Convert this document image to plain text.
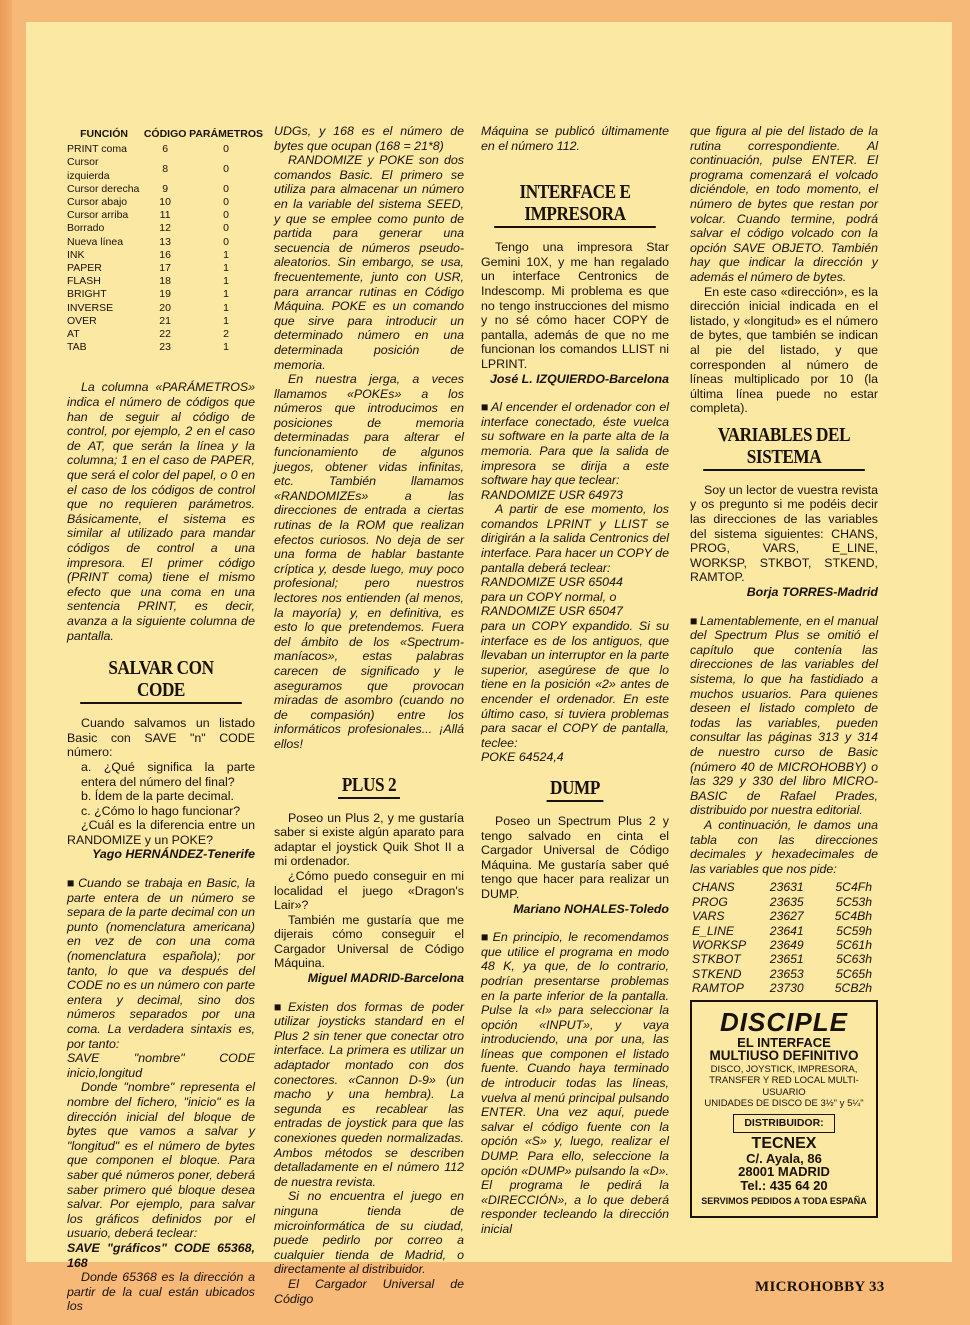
FUNCIÓN	CÓDIGO	PARÁMETROS
PRINT coma	6	0
Cursor izquierda	8	0
Cursor derecha	9	0
Cursor abajo	10	0
Cursor arriba	11	0
Borrado	12	0
Nueva línea	13	0
INK	16	1
PAPER	17	1
FLASH	18	1
BRIGHT	19	1
INVERSE	20	1
OVER	21	1
AT	22	2
TAB	23	1

La columna «PARÁMETROS» indica el número de códigos que han de seguir al código de control, por ejemplo, 2 en el caso de AT, que serán la línea y la columna; 1 en el caso de PAPER, que será el color del papel, o 0 en el caso de los códigos de control que no requieren parámetros. Básicamente, el sistema es similar al utilizado para mandar códigos de control a una impresora. El primer código (PRINT coma) tiene el mismo efecto que una coma en una sentencia PRINT, es decir, avanza a la siguiente columna de pantalla.

SALVAR CON CODE

Cuando salvamos un listado Basic con SAVE "n" CODE número:

a. ¿Qué significa la parte entera del número del final?

b. Ídem de la parte decimal.

c. ¿Cómo lo hago funcionar?

¿Cuál es la diferencia entre un RANDOMIZE y un POKE?

Yago HERNÁNDEZ-Tenerife

■ Cuando se trabaja en Basic, la parte entera de un número se separa de la parte decimal con un punto (nomenclatura americana) en vez de con una coma (nomenclatura española); por tanto, lo que va después del CODE no es un número con parte entera y decimal, sino dos números separados por una coma. La verdadera sintaxis es, por tanto:

SAVE "nombre" CODE inicio,longitud

Donde "nombre" representa el nombre del fichero, "inicio" es la dirección inicial del bloque de bytes que vamos a salvar y "longitud" es el número de bytes que componen el bloque. Para saber qué números poner, deberá saber primero qué bloque desea salvar. Por ejemplo, para salvar los gráficos definidos por el usuario, deberá teclear:

SAVE "gráficos" CODE 65368, 168

Donde 65368 es la dirección a partir de la cual están ubicados los

UDGs, y 168 es el número de bytes que ocupan (168 = 21*8)

RANDOMIZE y POKE son dos comandos Basic. El primero se utiliza para almacenar un número en la variable del sistema SEED, y que se emplee como punto de partida para generar una secuencia de números pseudo-aleatorios. Sin embargo, se usa, frecuentemente, junto con USR, para arrancar rutinas en Código Máquina. POKE es un comando que sirve para introducir un determinado número en una determinada posición de memoria.

En nuestra jerga, a veces llamamos «POKEs» a los números que introducimos en posiciones de memoria determinadas para alterar el funcionamiento de algunos juegos, obtener vidas infinitas, etc. También llamamos «RANDOMIZEs» a las direcciones de entrada a ciertas rutinas de la ROM que realizan efectos curiosos. No deja de ser una forma de hablar bastante críptica y, desde luego, muy poco profesional; pero nuestros lectores nos entienden (al menos, la mayoría) y, en definitiva, es esto lo que pretendemos. Fuera del ámbito de los «Spectrum-maníacos», estas palabras carecen de significado y le aseguramos que provocan miradas de asombro (cuando no de compasión) entre los informáticos profesionales... ¡Allá ellos!

PLUS 2

Poseo un Plus 2, y me gustaría saber si existe algún aparato para adaptar el joystick Quik Shot II a mi ordenador.

¿Cómo puedo conseguir en mi localidad el juego «Dragon's Lair»?

También me gustaría que me dijerais cómo conseguir el Cargador Universal de Código Máquina.

Miguel MADRID-Barcelona

■ Existen dos formas de poder utilizar joysticks standard en el Plus 2 sin tener que conectar otro interface. La primera es utilizar un adaptador montado con dos conectores. «Cannon D-9» (un macho y una hembra). La segunda es recablear las entradas de joystick para que las conexiones queden normalizadas. Ambos métodos se describen detalladamente en el número 112 de nuestra revista.

Si no encuentra el juego en ninguna tienda de microinformática de su ciudad, puede pedirlo por correo a cualquier tienda de Madrid, o directamente al distribuidor.

El Cargador Universal de Código

Máquina se publicó últimamente en el número 112.

INTERFACE E IMPRESORA

Tengo una impresora Star Gemini 10X, y me han regalado un interface Centronics de Indescomp. Mi problema es que no tengo instrucciones del mismo y no sé cómo hacer COPY de pantalla, además de que no me funcionan los comandos LLIST ni LPRINT.

José L. IZQUIERDO-Barcelona

■ Al encender el ordenador con el interface conectado, éste vuelca su software en la parte alta de la memoria. Para que la salida de impresora se dirija a este software hay que teclear:

RANDOMIZE USR 64973

A partir de ese momento, los comandos LPRINT y LLIST se dirigirán a la salida Centronics del interface. Para hacer un COPY de pantalla deberá teclear:

RANDOMIZE USR 65044

para un COPY normal, o

RANDOMIZE USR 65047

para un COPY expandido. Si su interface es de los antiguos, que llevaban un interruptor en la parte superior, asegúrese de que lo tiene en la posición «2» antes de encender el ordenador. En este último caso, si tuviera problemas para sacar el COPY de pantalla, teclee:

POKE 64524,4

DUMP

Poseo un Spectrum Plus 2 y tengo salvado en cinta el Cargador Universal de Código Máquina. Me gustaría saber qué tengo que hacer para realizar un DUMP.

Mariano NOHALES-Toledo

■ En principio, le recomendamos que utilice el programa en modo 48 K, ya que, de lo contrario, podrían presentarse problemas en la parte inferior de la pantalla. Pulse la «I» para seleccionar la opción «INPUT», y vaya introduciendo, una por una, las líneas que componen el listado fuente. Cuando haya terminado de introducir todas las líneas, vuelva al menú principal pulsando ENTER. Una vez aquí, puede salvar el código fuente con la opción «S» y, luego, realizar el DUMP. Para ello, seleccione la opción «DUMP» pulsando la «D». El programa le pedirá la «DIRECCIÓN», a lo que deberá responder tecleando la dirección inicial

que figura al pie del listado de la rutina correspondiente. Al continuación, pulse ENTER. El programa comenzará el volcado diciéndole, en todo momento, el número de bytes que restan por volcar. Cuando termine, podrá salvar el código volcado con la opción SAVE OBJETO. También hay que indicar la dirección y además el número de bytes.

En este caso «dirección», es la dirección inicial indicada en el listado, y «longitud» es el número de bytes, que también se indican al pie del listado, y que corresponden al número de líneas multiplicado por 10 (la última línea puede no estar completa).

VARIABLES DEL SISTEMA

Soy un lector de vuestra revista y os pregunto si me podéis decir las direcciones de las variables del sistema siguientes: CHANS, PROG, VARS, E_LINE, WORKSP, STKBOT, STKEND, RAMTOP.

Borja TORRES-Madrid

■ Lamentablemente, en el manual del Spectrum Plus se omitió el capítulo que contenía las direcciones de las variables del sistema, lo que ha fastidiado a muchos usuarios. Para quienes deseen el listado completo de todas las variables, pueden consultar las páginas 313 y 314 de nuestro curso de Basic (número 40 de MICROHOBBY) o las 329 y 330 del libro MICRO-BASIC de Rafael Prades, distribuido por nuestra editorial.

A continuación, le damos una tabla con las direcciones decimales y hexadecimales de las variables que nos pide:

CHANS	23631	5C4Fh
PROG	23635	5C53h
VARS	23627	5C4Bh
E_LINE	23641	5C59h
WORKSP	23649	5C61h
STKBOT	23651	5C63h
STKEND	23653	5C65h
RAMTOP	23730	5CB2h
DISCIPLE
EL INTERFACE
MULTIUSO DEFINITIVO
DISCO, JOYSTICK, IMPRESORA,
TRANSFER Y RED LOCAL MULTI-USUARIO
UNIDADES DE DISCO DE 3½" y 5¼"
DISTRIBUIDOR:
TECNEX
C/. Ayala, 86
28001 MADRID
Tel.: 435 64 20
SERVIMOS PEDIDOS A TODA ESPAÑA
MICROHOBBY 33
